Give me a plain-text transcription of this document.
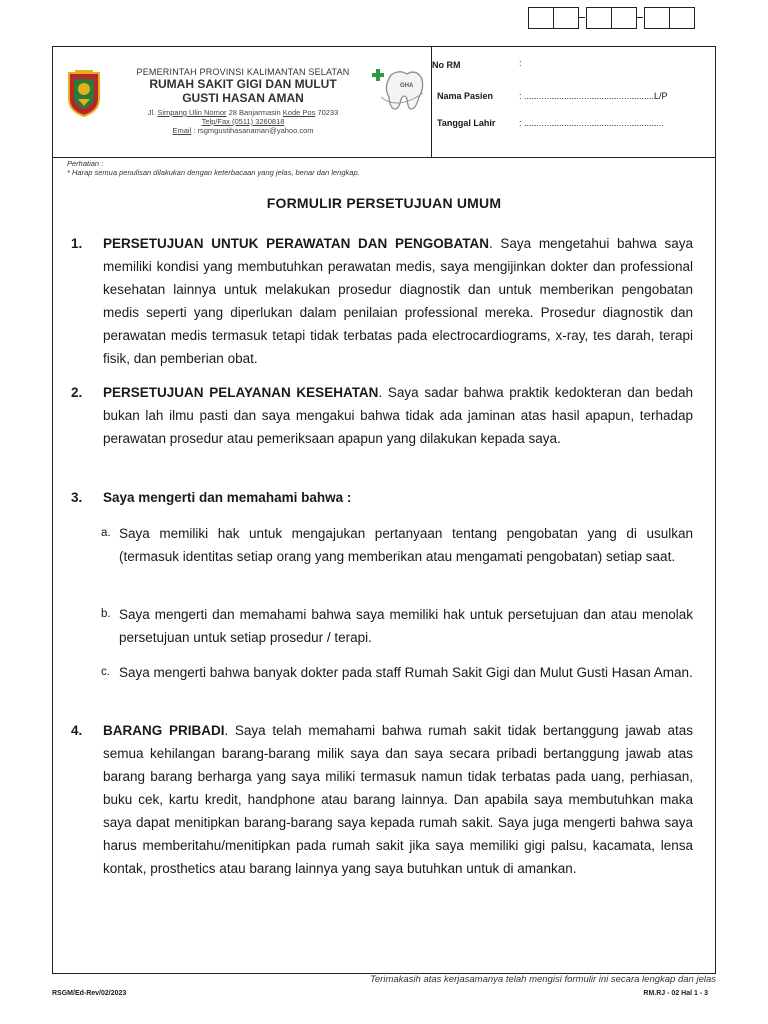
PEMERINTAH PROVINSI KALIMANTAN SELATAN
RUMAH SAKIT GIGI DAN MULUT
GUSTI HASAN AMAN
Jl. Simpang Ulin Nomor 28 Banjarmasin Kode Pos 70233
Telp/Fax (0511) 3260818
Email : rsgmgustihasanaman@yahoo.com
GHA
No RM	:
Nama Pasien	: ....................................................L/P
Tanggal Lahir	: ........................................................
Perhatian :
* Harap semua penulisan dilakukan dengan keterbacaan yang jelas, benar dan lengkap.
FORMULIR PERSETUJUAN UMUM
1. PERSETUJUAN UNTUK PERAWATAN DAN PENGOBATAN. Saya mengetahui bahwa saya memiliki kondisi yang membutuhkan perawatan medis, saya mengijinkan dokter dan professional kesehatan lainnya untuk melakukan prosedur diagnostik dan untuk memberikan pengobatan medis seperti yang diperlukan dalam penilaian professional mereka. Prosedur diagnostik dan perawatan medis termasuk tetapi tidak terbatas pada electrocardiograms, x-ray, tes darah, terapi fisik, dan pemberian obat.
2. PERSETUJUAN PELAYANAN KESEHATAN. Saya sadar bahwa praktik kedokteran dan bedah bukan lah ilmu pasti dan saya mengakui bahwa tidak ada jaminan atas hasil apapun, terhadap perawatan prosedur atau pemeriksaan apapun yang dilakukan kepada saya.
3. Saya mengerti dan memahami bahwa :
a. Saya memiliki hak untuk mengajukan pertanyaan tentang pengobatan yang di usulkan (termasuk identitas setiap orang yang memberikan atau mengamati pengobatan) setiap saat.
b. Saya mengerti dan memahami bahwa saya memiliki hak untuk persetujuan dan atau menolak persetujuan untuk setiap prosedur / terapi.
c. Saya mengerti bahwa banyak dokter pada staff Rumah Sakit Gigi dan Mulut Gusti Hasan Aman.
4. BARANG PRIBADI. Saya telah memahami bahwa rumah sakit tidak bertanggung jawab atas semua kehilangan barang-barang milik saya dan saya secara pribadi bertanggung jawab atas barang barang berharga yang saya miliki termasuk namun tidak terbatas pada uang, perhiasan, buku cek, kartu kredit, handphone atau barang lainnya. Dan apabila saya membutuhkan maka saya dapat menitipkan barang-barang saya kepada rumah sakit. Saya juga mengerti bahwa saya harus memberitahu/menitipkan pada rumah sakit jika saya memiliki gigi palsu, kacamata, lensa kontak, prosthetics atau barang lainnya yang saya butuhkan untuk di amankan.
Terimakasih atas kerjasamanya telah mengisi formulir ini secara lengkap dan jelas
RSGM/Ed-Rev/02/2023	RM.RJ - 02 Hal 1 - 3
